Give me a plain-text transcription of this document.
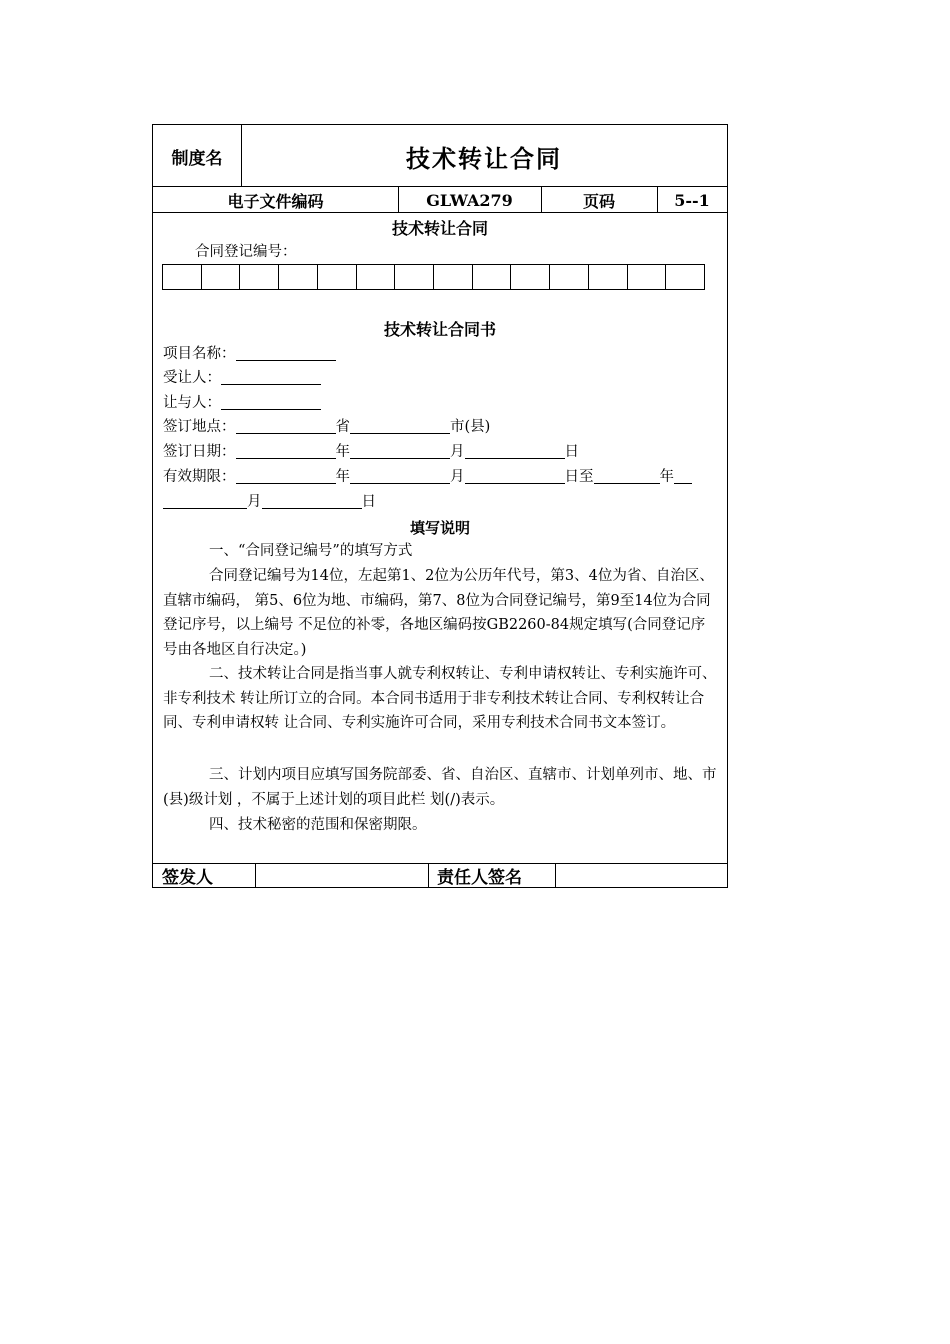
制度名	技术转让合同
电子文件编码	GLWA279	页码	5--1
技术转让合同
合同登记编号：
技术转让合同书
项目名称：
受让人：
让与人：
签订地点：	省	市(县)
签订日期：	年	月	日
有效期限：	年	月	日至	年
月	日
填写说明
一、“合同登记编号”的填写方式
合同登记编号为14位，左起第1、2位为公历年代号，第3、4位为省、自治区、直辖市编码， 第5、6位为地、市编码，第7、8位为合同登记编号，第9至14位为合同登记序号，以上编号 不足位的补零，各地区编码按GB2260-84规定填写(合同登记序号由各地区自行决定。)
二、技术转让合同是指当事人就专利权转让、专利申请权转让、专利实施许可、非专利技术 转让所订立的合同。本合同书适用于非专利技术转让合同、专利权转让合同、专利申请权转 让合同、专利实施许可合同，采用专利技术合同书文本签订。
三、计划内项目应填写国务院部委、省、自治区、直辖市、计划单列市、地、市(县)级计划 ，不属于上述计划的项目此栏 划(/)表示。
四、技术秘密的范围和保密期限。
签发人	责任人签名
